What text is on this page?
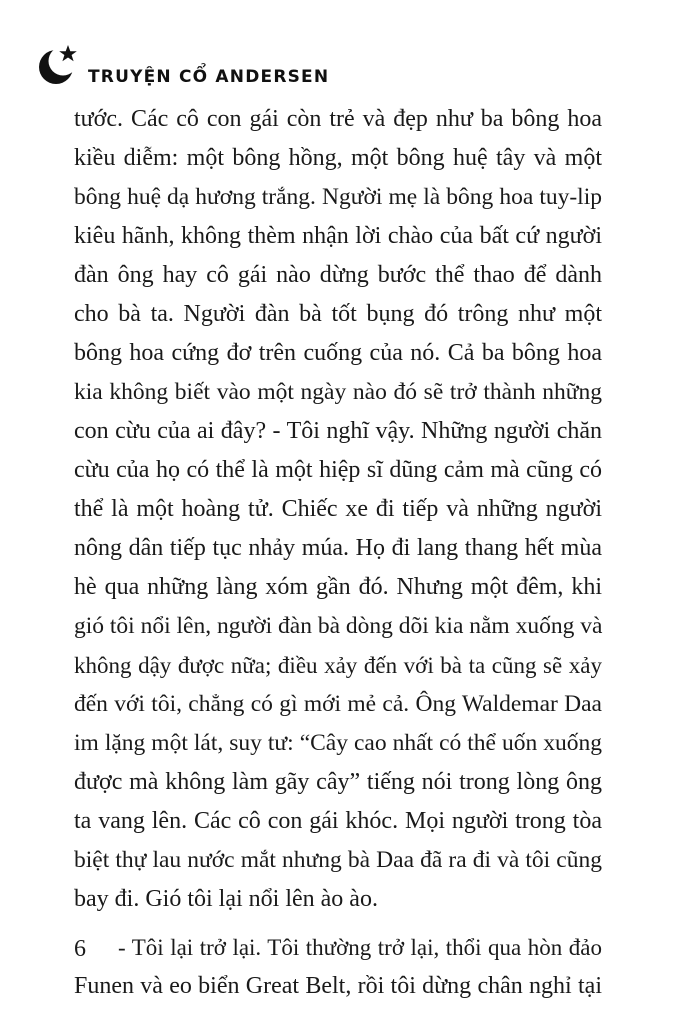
TRUYỆN CỔ ANDERSEN
tước. Các cô con gái còn trẻ và đẹp như ba bông hoa
kiều diễm: một bông hồng, một bông huệ tây và một
bông huệ dạ hương trắng. Người mẹ là bông hoa tuy-lip
kiêu hãnh, không thèm nhận lời chào của bất cứ người
đàn ông hay cô gái nào dừng bước thể thao để dành
cho bà ta. Người đàn bà tốt bụng đó trông như một
bông hoa cứng đơ trên cuống của nó. Cả ba bông hoa
kia không biết vào một ngày nào đó sẽ trở thành những
con cừu của ai đây? - Tôi nghĩ vậy. Những người chăn
cừu của họ có thể là một hiệp sĩ dũng cảm mà cũng có
thể là một hoàng tử. Chiếc xe đi tiếp và những người
nông dân tiếp tục nhảy múa. Họ đi lang thang hết mùa
hè qua những làng xóm gần đó. Nhưng một đêm, khi
gió tôi nổi lên, người đàn bà dòng dõi kia nằm xuống và
không dậy được nữa; điều xảy đến với bà ta cũng sẽ xảy
đến với tôi, chẳng có gì mới mẻ cả. Ông Waldemar Daa
im lặng một lát, suy tư: “Cây cao nhất có thể uốn xuống
được mà không làm gãy cây” tiếng nói trong lòng ông
ta vang lên. Các cô con gái khóc. Mọi người trong tòa
biệt thự lau nước mắt nhưng bà Daa đã ra đi và tôi cũng
bay đi. Gió tôi lại nổi lên ào ào.
- Tôi lại trở lại. Tôi thường trở lại, thổi qua hòn đảo
Funen và eo biển Great Belt, rồi tôi dừng chân nghỉ tại
6
